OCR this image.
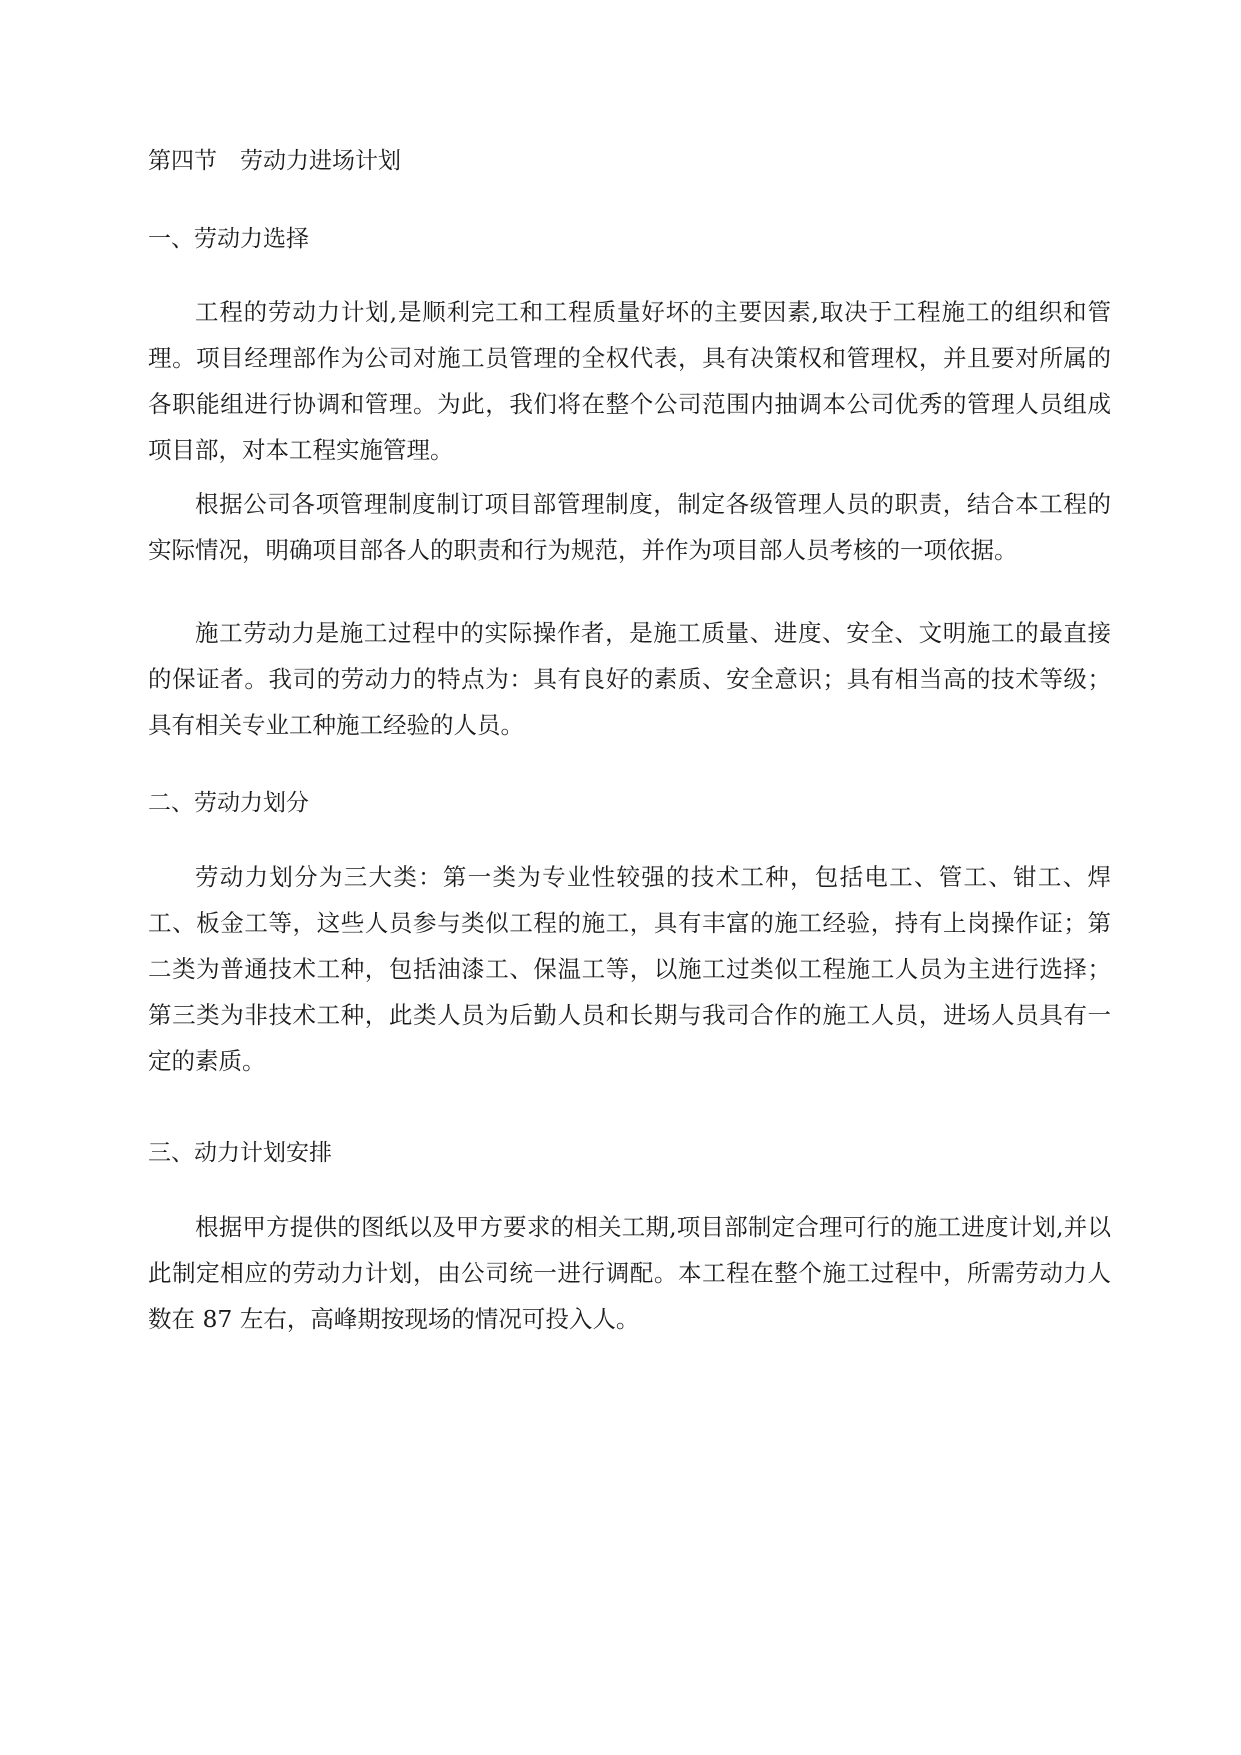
第四节　劳动力进场计划
一、劳动力选择

工程的劳动力计划,是顺利完工和工程质量好坏的主要因素,取决于工程施工的组织和管理。项目经理部作为公司对施工员管理的全权代表，具有决策权和管理权，并且要对所属的各职能组进行协调和管理。为此，我们将在整个公司范围内抽调本公司优秀的管理人员组成项目部，对本工程实施管理。

根据公司各项管理制度制订项目部管理制度，制定各级管理人员的职责，结合本工程的实际情况，明确项目部各人的职责和行为规范，并作为项目部人员考核的一项依据。

施工劳动力是施工过程中的实际操作者，是施工质量、进度、安全、文明施工的最直接的保证者。我司的劳动力的特点为：具有良好的素质、安全意识；具有相当高的技术等级；具有相关专业工种施工经验的人员。

二、劳动力划分

劳动力划分为三大类：第一类为专业性较强的技术工种，包括电工、管工、钳工、焊工、板金工等，这些人员参与类似工程的施工，具有丰富的施工经验，持有上岗操作证；第二类为普通技术工种，包括油漆工、保温工等，以施工过类似工程施工人员为主进行选择；第三类为非技术工种，此类人员为后勤人员和长期与我司合作的施工人员，进场人员具有一定的素质。

三、动力计划安排

根据甲方提供的图纸以及甲方要求的相关工期,项目部制定合理可行的施工进度计划,并以此制定相应的劳动力计划，由公司统一进行调配。本工程在整个施工过程中，所需劳动力人数在 87 左右，高峰期按现场的情况可投入人。
